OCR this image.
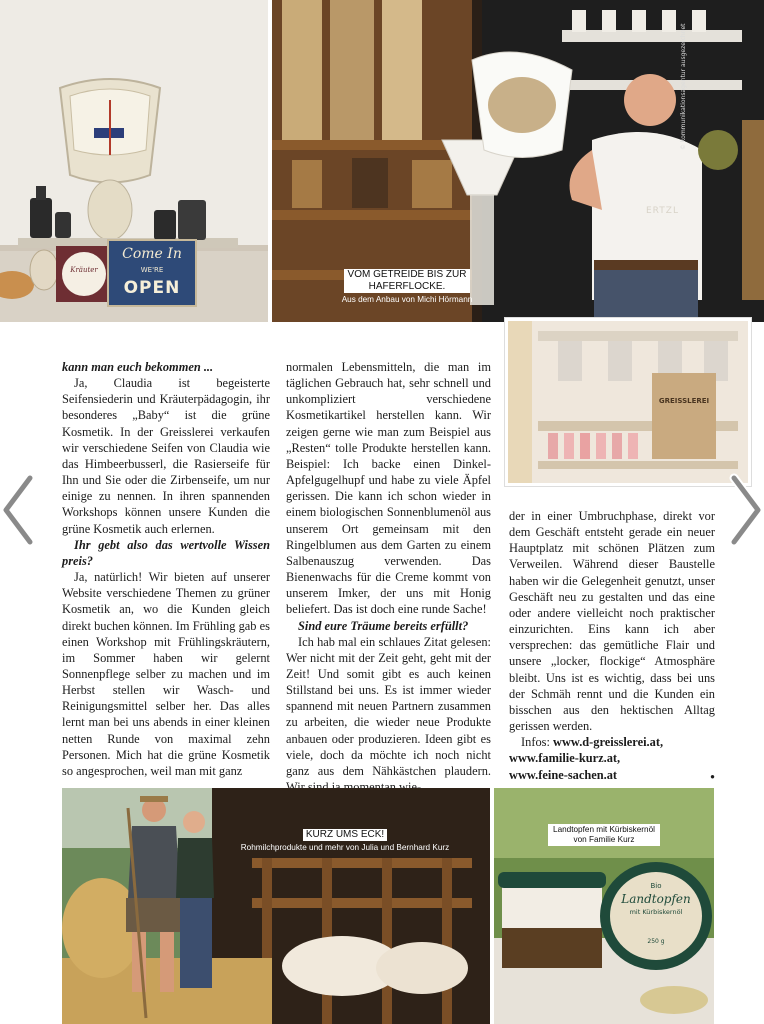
Kräuter
Come In
WE'RE
OPEN
ERTZL
© kommunikationsagentur ausgezeichnet
VOM GETREIDE BIS ZUR HAFERFLOCKE.
Aus dem Anbau von Michi Hörmann
GREISSLEREI

kann man euch bekommen ...

Ja, Claudia ist begeisterte Seifensiederin und Kräuterpädagogin, ihr besonderes „Baby“ ist die grüne Kosmetik. In der Greisslerei verkaufen wir verschiedene Seifen von Claudia wie das Himbeerbusserl, die Rasierseife für Ihn und Sie oder die Zirbenseife, um nur einige zu nennen. In ihren spannenden Workshops können unsere Kunden die grüne Kosmetik auch erlernen.

Ihr gebt also das wertvolle Wissen preis?

Ja, natürlich! Wir bieten auf unserer Website verschiedene Themen zu grüner Kosmetik an, wo die Kunden gleich direkt buchen können. Im Frühling gab es einen Workshop mit Frühlingskräutern, im Sommer haben wir gelernt Sonnenpflege selber zu machen und im Herbst stellen wir Wasch- und Reinigungsmittel selber her. Das alles lernt man bei uns abends in einer kleinen netten Runde von maximal zehn Personen. Mich hat die grüne Kosmetik so angesprochen, weil man mit ganz

normalen Lebensmitteln, die man im täglichen Gebrauch hat, sehr schnell und unkompliziert verschiedene Kosmetikartikel herstellen kann. Wir zeigen gerne wie man zum Beispiel aus „Resten“ tolle Produkte herstellen kann. Beispiel: Ich backe einen Dinkel-Apfelgugelhupf und habe zu viele Äpfel gerissen. Die kann ich schon wieder in einem biologischen Sonnenblumenöl aus unserem Ort gemeinsam mit den Ringelblumen aus dem Garten zu einem Salbenauszug verwenden. Das Bienenwachs für die Creme kommt von unserem Imker, der uns mit Honig beliefert. Das ist doch eine runde Sache!

Sind eure Träume bereits erfüllt?

Ich hab mal ein schlaues Zitat gelesen: Wer nicht mit der Zeit geht, geht mit der Zeit! Und somit gibt es auch keinen Stillstand bei uns. Es ist immer wieder spannend mit neuen Partnern zusammen zu arbeiten, die wieder neue Produkte anbauen oder produzieren. Ideen gibt es viele, doch da möchte ich noch nicht ganz aus dem Nähkästchen plaudern.

der in einer Umbruchphase, direkt vor dem Geschäft entsteht gerade ein neuer Hauptplatz mit schönen Plätzen zum Verweilen. Während dieser Baustelle haben wir die Gelegenheit genutzt, unser Geschäft neu zu gestalten und das eine oder andere vielleicht noch praktischer einzurichten. Eins kann ich aber versprechen: das gemütliche Flair und unsere „locker, flockige“ Atmosphäre bleibt. Uns ist es wichtig, dass bei uns der Schmäh rennt und die Kunden ein bisschen aus den hektischen Alltag gerissen werden.

Infos: www.d-greisslerei.at,

www.familie-kurz.at,

www.feine-sachen.at	●

KURZ UMS ECK!
Rohmilchprodukte und mehr von Julia und Bernhard Kurz
Bio
Landtopfen
mit Kürbiskernöl
250 g
Landtopfen mit Kürbiskernöl von Familie Kurz
